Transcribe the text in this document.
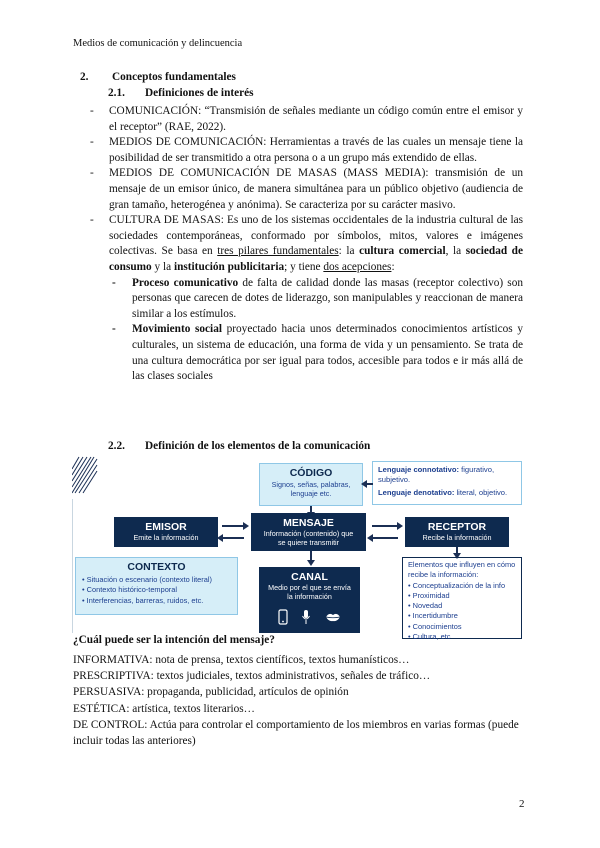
Medios de comunicación y delincuencia
2. Conceptos fundamentales
2.1. Definiciones de interés
- COMUNICACIÓN: “Transmisión de señales mediante un código común entre el emisor y el receptor” (RAE, 2022).
- MEDIOS DE COMUNICACIÓN: Herramientas a través de las cuales un mensaje tiene la posibilidad de ser transmitido a otra persona o a un grupo más extendido de ellas.
- MEDIOS DE COMUNICACIÓN DE MASAS (MASS MEDIA): transmisión de un mensaje de un emisor único, de manera simultánea para un público objetivo (audiencia de gran tamaño, heterogénea y anónima). Se caracteriza por su carácter masivo.
- CULTURA DE MASAS: Es uno de los sistemas occidentales de la industria cultural de las sociedades contemporáneas, conformado por símbolos, mitos, valores e imágenes colectivas. Se basa en tres pilares fundamentales: la cultura comercial, la sociedad de consumo y la institución publicitaria; y tiene dos acepciones:
- Proceso comunicativo de falta de calidad donde las masas (receptor colectivo) son personas que carecen de dotes de liderazgo, son manipulables y reaccionan de manera similar a los estímulos.
- Movimiento social proyectado hacia unos determinados conocimientos artísticos y culturales, un sistema de educación, una forma de vida y un pensamiento. Se trata de una cultura democrática por ser igual para todos, accesible para todos e ir más allá de las clases sociales
2.2. Definición de los elementos de la comunicación
CÓDIGO
Signos, señas, palabras, lenguaje etc.
Lenguaje connotativo: figurativo, subjetivo.
Lenguaje denotativo: literal, objetivo.
EMISOR
Emite la información
MENSAJE
Información (contenido) que se quiere transmitir
RECEPTOR
Recibe la información
CONTEXTO
• Situación o escenario (contexto literal)
• Contexto histórico-temporal
• Interferencias, barreras, ruidos, etc.
CANAL
Medio por el que se envía la información
Elementos que influyen en cómo recibe la información:
• Conceptualización de la info
• Proximidad
• Novedad
• Incertidumbre
• Conocimientos
• Cultura, etc
¿Cuál puede ser la intención del mensaje?
INFORMATIVA: nota de prensa, textos científicos, textos humanísticos…
PRESCRIPTIVA: textos judiciales, textos administrativos, señales de tráfico…
PERSUASIVA: propaganda, publicidad, artículos de opinión
ESTÉTICA: artística, textos literarios…
DE CONTROL: Actúa para controlar el comportamiento de los miembros en varias formas (puede incluir todas las anteriores)
2
